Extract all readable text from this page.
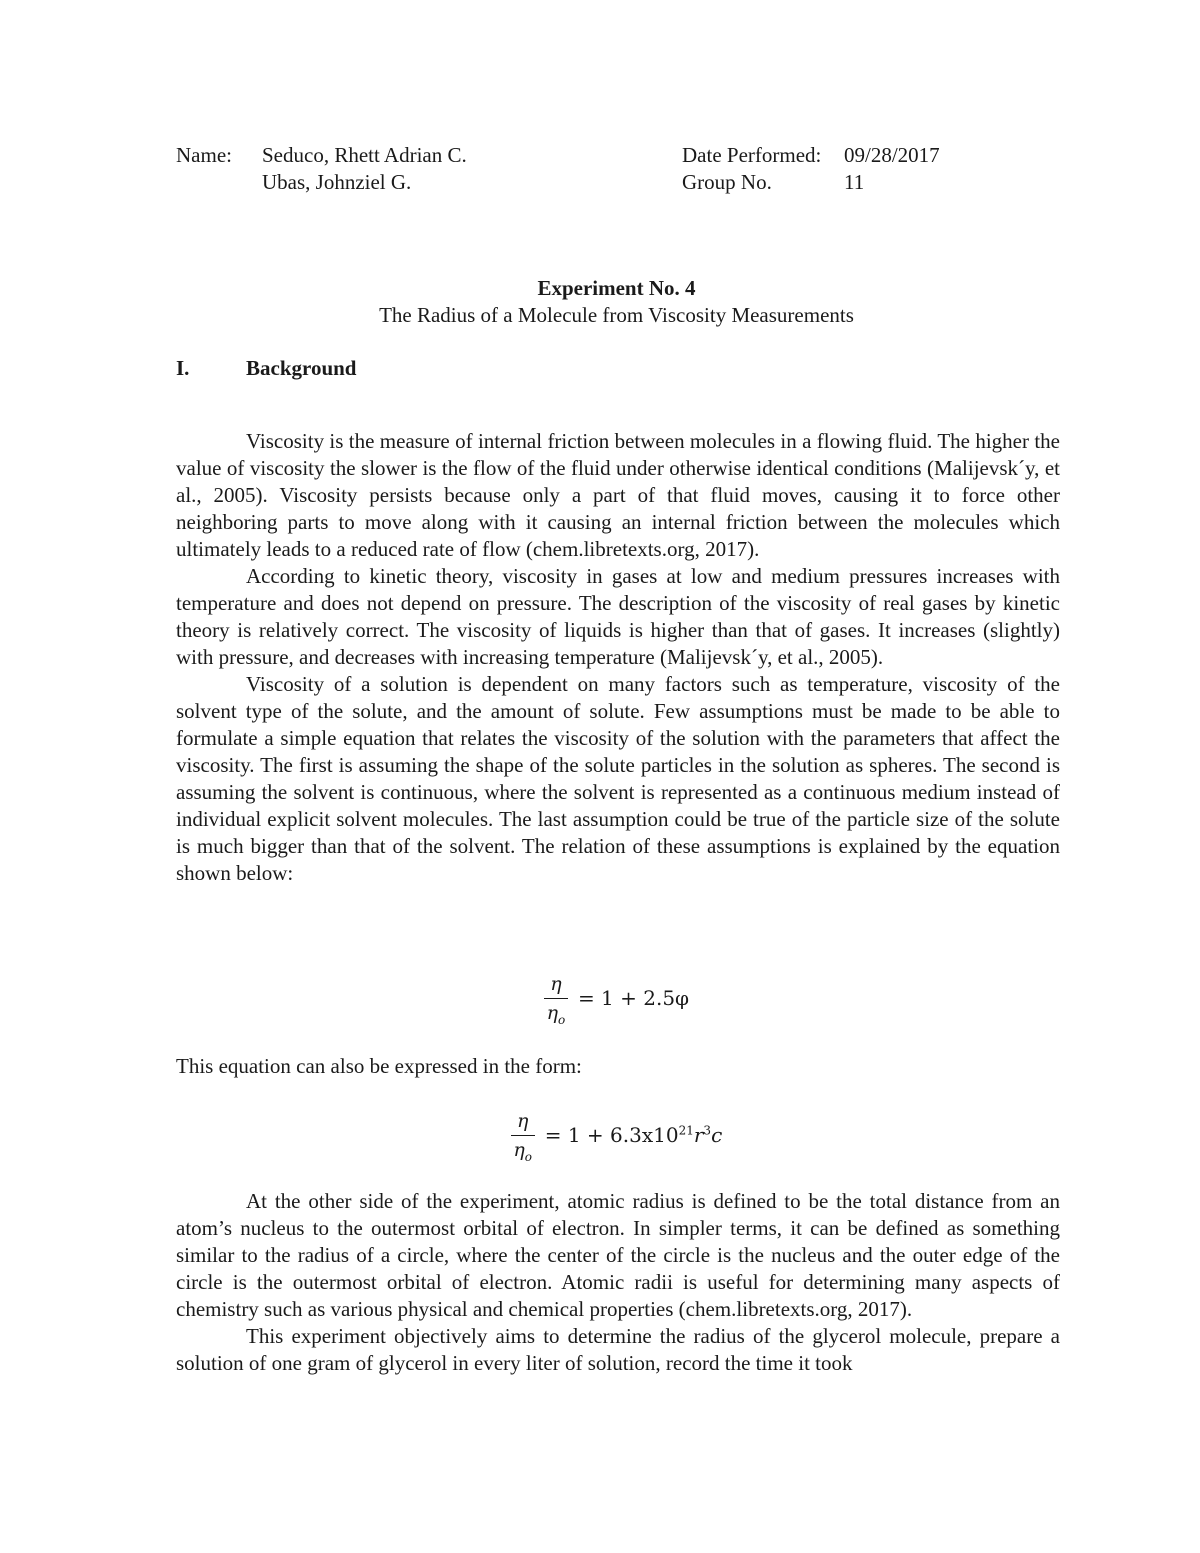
Name: Seduco, Rhett Adrian C.	Date Performed: 09/28/2017
Ubas, Johnziel G.	Group No.	11
Experiment No. 4
The Radius of a Molecule from Viscosity Measurements
I.	Background

Viscosity is the measure of internal friction between molecules in a flowing fluid. The higher the value of viscosity the slower is the flow of the fluid under otherwise identical conditions (Malijevsk´y, et al., 2005). Viscosity persists because only a part of that fluid moves, causing it to force other neighboring parts to move along with it causing an internal friction between the molecules which ultimately leads to a reduced rate of flow (chem.libretexts.org, 2017).

According to kinetic theory, viscosity in gases at low and medium pressures increases with temperature and does not depend on pressure. The description of the viscosity of real gases by kinetic theory is relatively correct. The viscosity of liquids is higher than that of gases. It increases (slightly) with pressure, and decreases with increasing temperature (Malijevsk´y, et al., 2005).

Viscosity of a solution is dependent on many factors such as temperature, viscosity of the solvent type of the solute, and the amount of solute. Few assumptions must be made to be able to formulate a simple equation that relates the viscosity of the solution with the parameters that affect the viscosity. The first is assuming the shape of the solute particles in the solution as spheres. The second is assuming the solvent is continuous, where the solvent is represented as a continuous medium instead of individual explicit solvent molecules. The last assumption could be true of the particle size of the solute is much bigger than that of the solvent. The relation of these assumptions is explained by the equation shown below:

$\frac{\eta}{\eta_o} = 1 + 2.5\varphi$
This equation can also be expressed in the form:
$\frac{\eta}{\eta_o} = 1 + 6.3x10^{21}r^3c$

At the other side of the experiment, atomic radius is defined to be the total distance from an atom’s nucleus to the outermost orbital of electron. In simpler terms, it can be defined as something similar to the radius of a circle, where the center of the circle is the nucleus and the outer edge of the circle is the outermost orbital of electron. Atomic radii is useful for determining many aspects of chemistry such as various physical and chemical properties (chem.libretexts.org, 2017).

This experiment objectively aims to determine the radius of the glycerol molecule, prepare a solution of one gram of glycerol in every liter of solution, record the time it took
